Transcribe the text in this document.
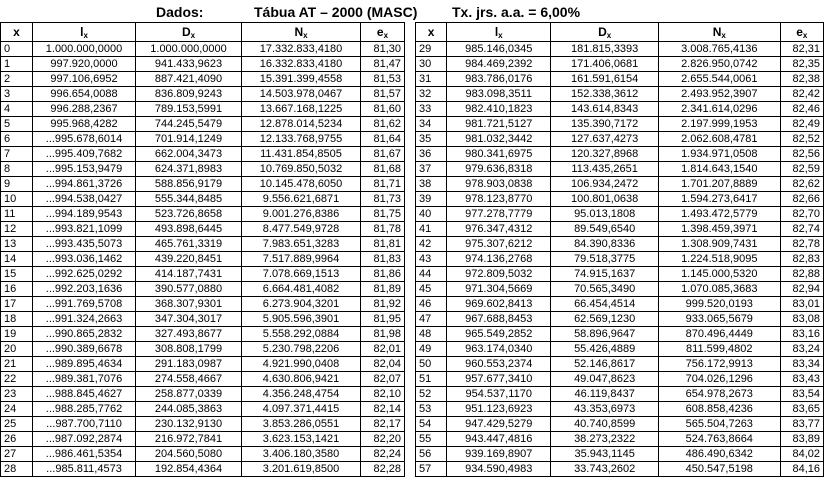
Dados:	Tábua AT – 2000 (MASC) Tx. jrs. a.a. = 6,00%
x	$l_x$	$D_x$	$N_x$	$e_x$
0	1.000.000,0000	1.000.000,0000	17.332.833,4180	81,30
1	997.920,0000	941.433,9623	16.332.833,4180	81,47
2	997.106,6952	887.421,4090	15.391.399,4558	81,53
3	996.654,0088	836.809,9243	14.503.978,0467	81,57
4	996.288,2367	789.153,5991	13.667.168,1225	81,60
5	995.968,4282	744.245,5479	12.878.014,5234	81,62
6	...995.678,6014	701.914,1249	12.133.768,9755	81,64
7	...995.409,7682	662.004,3473	11.431.854,8505	81,67
8	...995.153,9479	624.371,8983	10.769.850,5032	81,68
9	...994.861,3726	588.856,9179	10.145.478,6050	81,71
10	...994.538,0427	555.344,8485	9.556.621,6871	81,73
11	...994.189,9543	523.726,8658	9.001.276,8386	81,75
12	...993.821,1099	493.898,6445	8.477.549,9728	81,78
13	...993.435,5073	465.761,3319	7.983.651,3283	81,81
14	...993.036,1462	439.220,8451	7.517.889,9964	81,83
15	...992.625,0292	414.187,7431	7.078.669,1513	81,86
16	...992.203,1636	390.577,0880	6.664.481,4082	81,89
17	...991.769,5708	368.307,9301	6.273.904,3201	81,92
18	...991.324,2663	347.304,3017	5.905.596,3901	81,95
19	...990.865,2832	327.493,8677	5.558.292,0884	81,98
20	...990.389,6678	308.808,1799	5.230.798,2206	82,01
21	...989.895,4634	291.183,0987	4.921.990,0408	82,04
22	...989.381,7076	274.558,4667	4.630.806,9421	82,07
23	...988.845,4627	258.877,0339	4.356.248,4754	82,10
24	...988.285,7762	244.085,3863	4.097.371,4415	82,14
25	...987.700,7110	230.132,9130	3.853.286,0551	82,17
26	...987.092,2874	216.972,7841	3.623.153,1421	82,20
27	...986.461,5354	204.560,5080	3.406.180,3580	82,24
28	...985.811,4573	192.854,4364	3.201.619,8500	82,28
x	$l_x$	$D_x$	$N_x$	$e_x$
29	985.146,0345	181.815,3393	3.008.765,4136	82,31
30	984.469,2392	171.406,0681	2.826.950,0742	82,35
31	983.786,0176	161.591,6154	2.655.544,0061	82,38
32	983.098,3511	152.338,3612	2.493.952,3907	82,42
33	982.410,1823	143.614,8343	2.341.614,0296	82,46
34	981.721,5127	135.390,7172	2.197.999,1953	82,49
35	981.032,3442	127.637,4273	2.062.608,4781	82,52
36	980.341,6975	120.327,8968	1.934.971,0508	82,56
37	979.636,8318	113.435,2651	1.814.643,1540	82,59
38	978.903,0838	106.934,2472	1.701.207,8889	82,62
39	978.123,8770	100.801,0638	1.594.273,6417	82,66
40	977.278,7779	95.013,1808	1.493.472,5779	82,70
41	976.347,4312	89.549,6540	1.398.459,3971	82,74
42	975.307,6212	84.390,8336	1.308.909,7431	82,78
43	974.136,2768	79.518,3775	1.224.518,9095	82,83
44	972.809,5032	74.915,1637	1.145.000,5320	82,88
45	971.304,5669	70.565,3490	1.070.085,3683	82,94
46	969.602,8413	66.454,4514	999.520,0193	83,01
47	967.688,8453	62.569,1230	933.065,5679	83,08
48	965.549,2852	58.896,9647	870.496,4449	83,16
49	963.174,0340	55.426,4889	811.599,4802	83,24
50	960.553,2374	52.146,8617	756.172,9913	83,34
51	957.677,3410	49.047,8623	704.026,1296	83,43
52	954.537,1170	46.119,8437	654.978,2673	83,54
53	951.123,6923	43.353,6973	608.858,4236	83,65
54	947.429,5279	40.740,8599	565.504,7263	83,77
55	943.447,4816	38.273,2322	524.763,8664	83,89
56	939.169,8907	35.943,1145	486.490,6342	84,02
57	934.590,4983	33.743,2602	450.547,5198	84,16
